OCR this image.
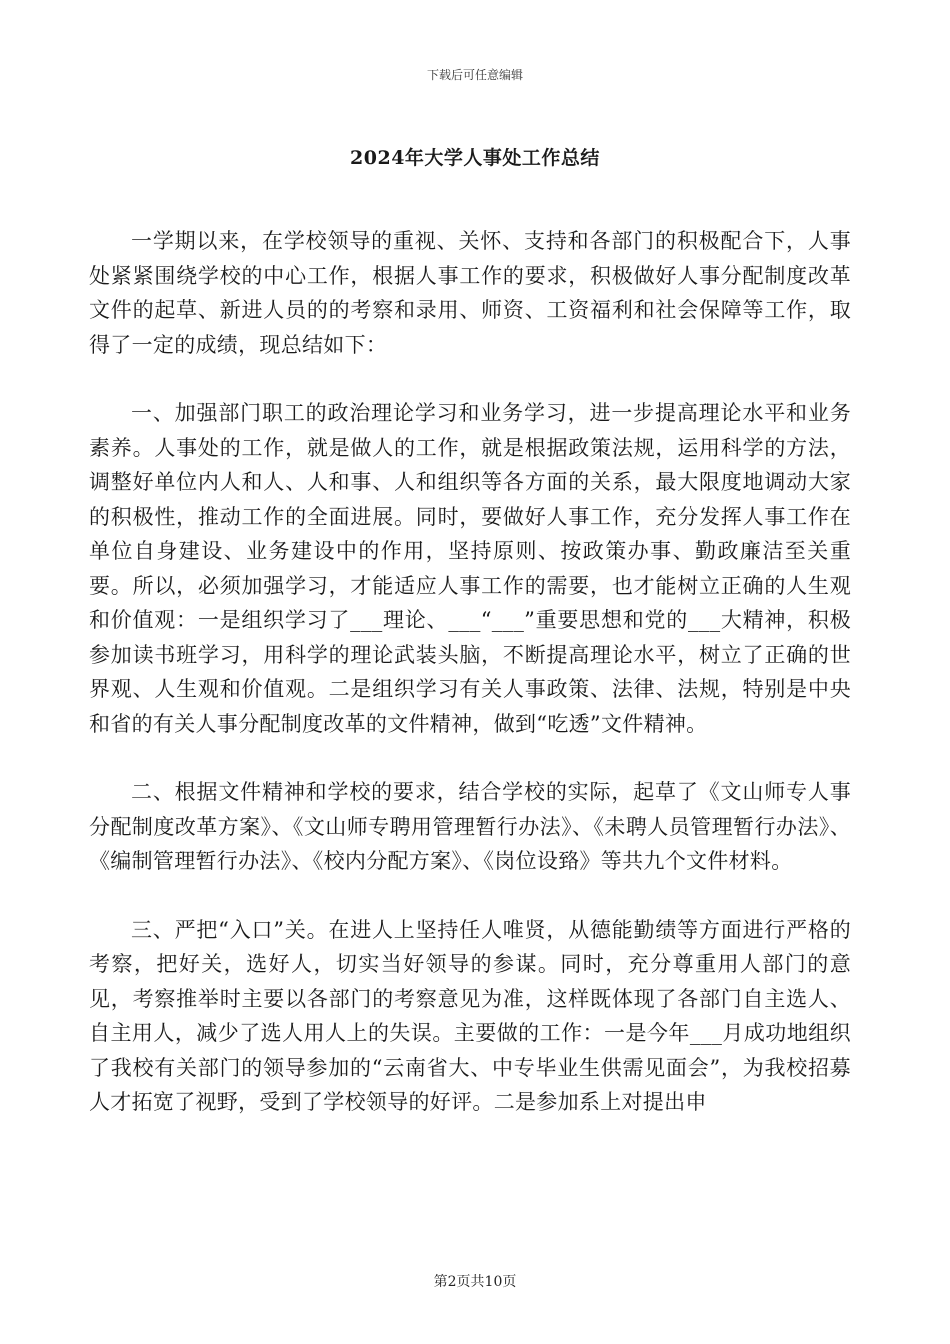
下载后可任意编辑
2024年大学人事处工作总结

一学期以来，在学校领导的重视、关怀、支持和各部门的积极配合下，人事处紧紧围绕学校的中心工作，根据人事工作的要求，积极做好人事分配制度改革文件的起草、新进人员的的考察和录用、师资、工资福利和社会保障等工作，取得了一定的成绩，现总结如下：

一、加强部门职工的政治理论学习和业务学习，进一步提高理论水平和业务素养。人事处的工作，就是做人的工作，就是根据政策法规，运用科学的方法，调整好单位内人和人、人和事、人和组织等各方面的关系，最大限度地调动大家的积极性，推动工作的全面进展。同时，要做好人事工作，充分发挥人事工作在单位自身建设、业务建设中的作用，坚持原则、按政策办事、勤政廉洁至关重要。所以，必须加强学习，才能适应人事工作的需要，也才能树立正确的人生观和价值观：一是组织学习了___理论、___“___”重要思想和党的___大精神，积极参加读书班学习，用科学的理论武装头脑，不断提高理论水平，树立了正确的世界观、人生观和价值观。二是组织学习有关人事政策、法律、法规，特别是中央和省的有关人事分配制度改革的文件精神，做到“吃透”文件精神。

二、根据文件精神和学校的要求，结合学校的实际，起草了《文山师专人事分配制度改革方案》、《文山师专聘用管理暂行办法》、《未聘人员管理暂行办法》、《编制管理暂行办法》、《校内分配方案》、《岗位设臵》等共九个文件材料。

三、严把“入口”关。在进人上坚持任人唯贤，从德能勤绩等方面进行严格的考察，把好关，选好人，切实当好领导的参谋。同时，充分尊重用人部门的意见，考察推举时主要以各部门的考察意见为准，这样既体现了各部门自主选人、自主用人，减少了选人用人上的失误。主要做的工作：一是今年___月成功地组织了我校有关部门的领导参加的“云南省大、中专毕业生供需见面会”，为我校招募人才拓宽了视野，受到了学校领导的好评。二是参加系上对提出申

第2页共10页
